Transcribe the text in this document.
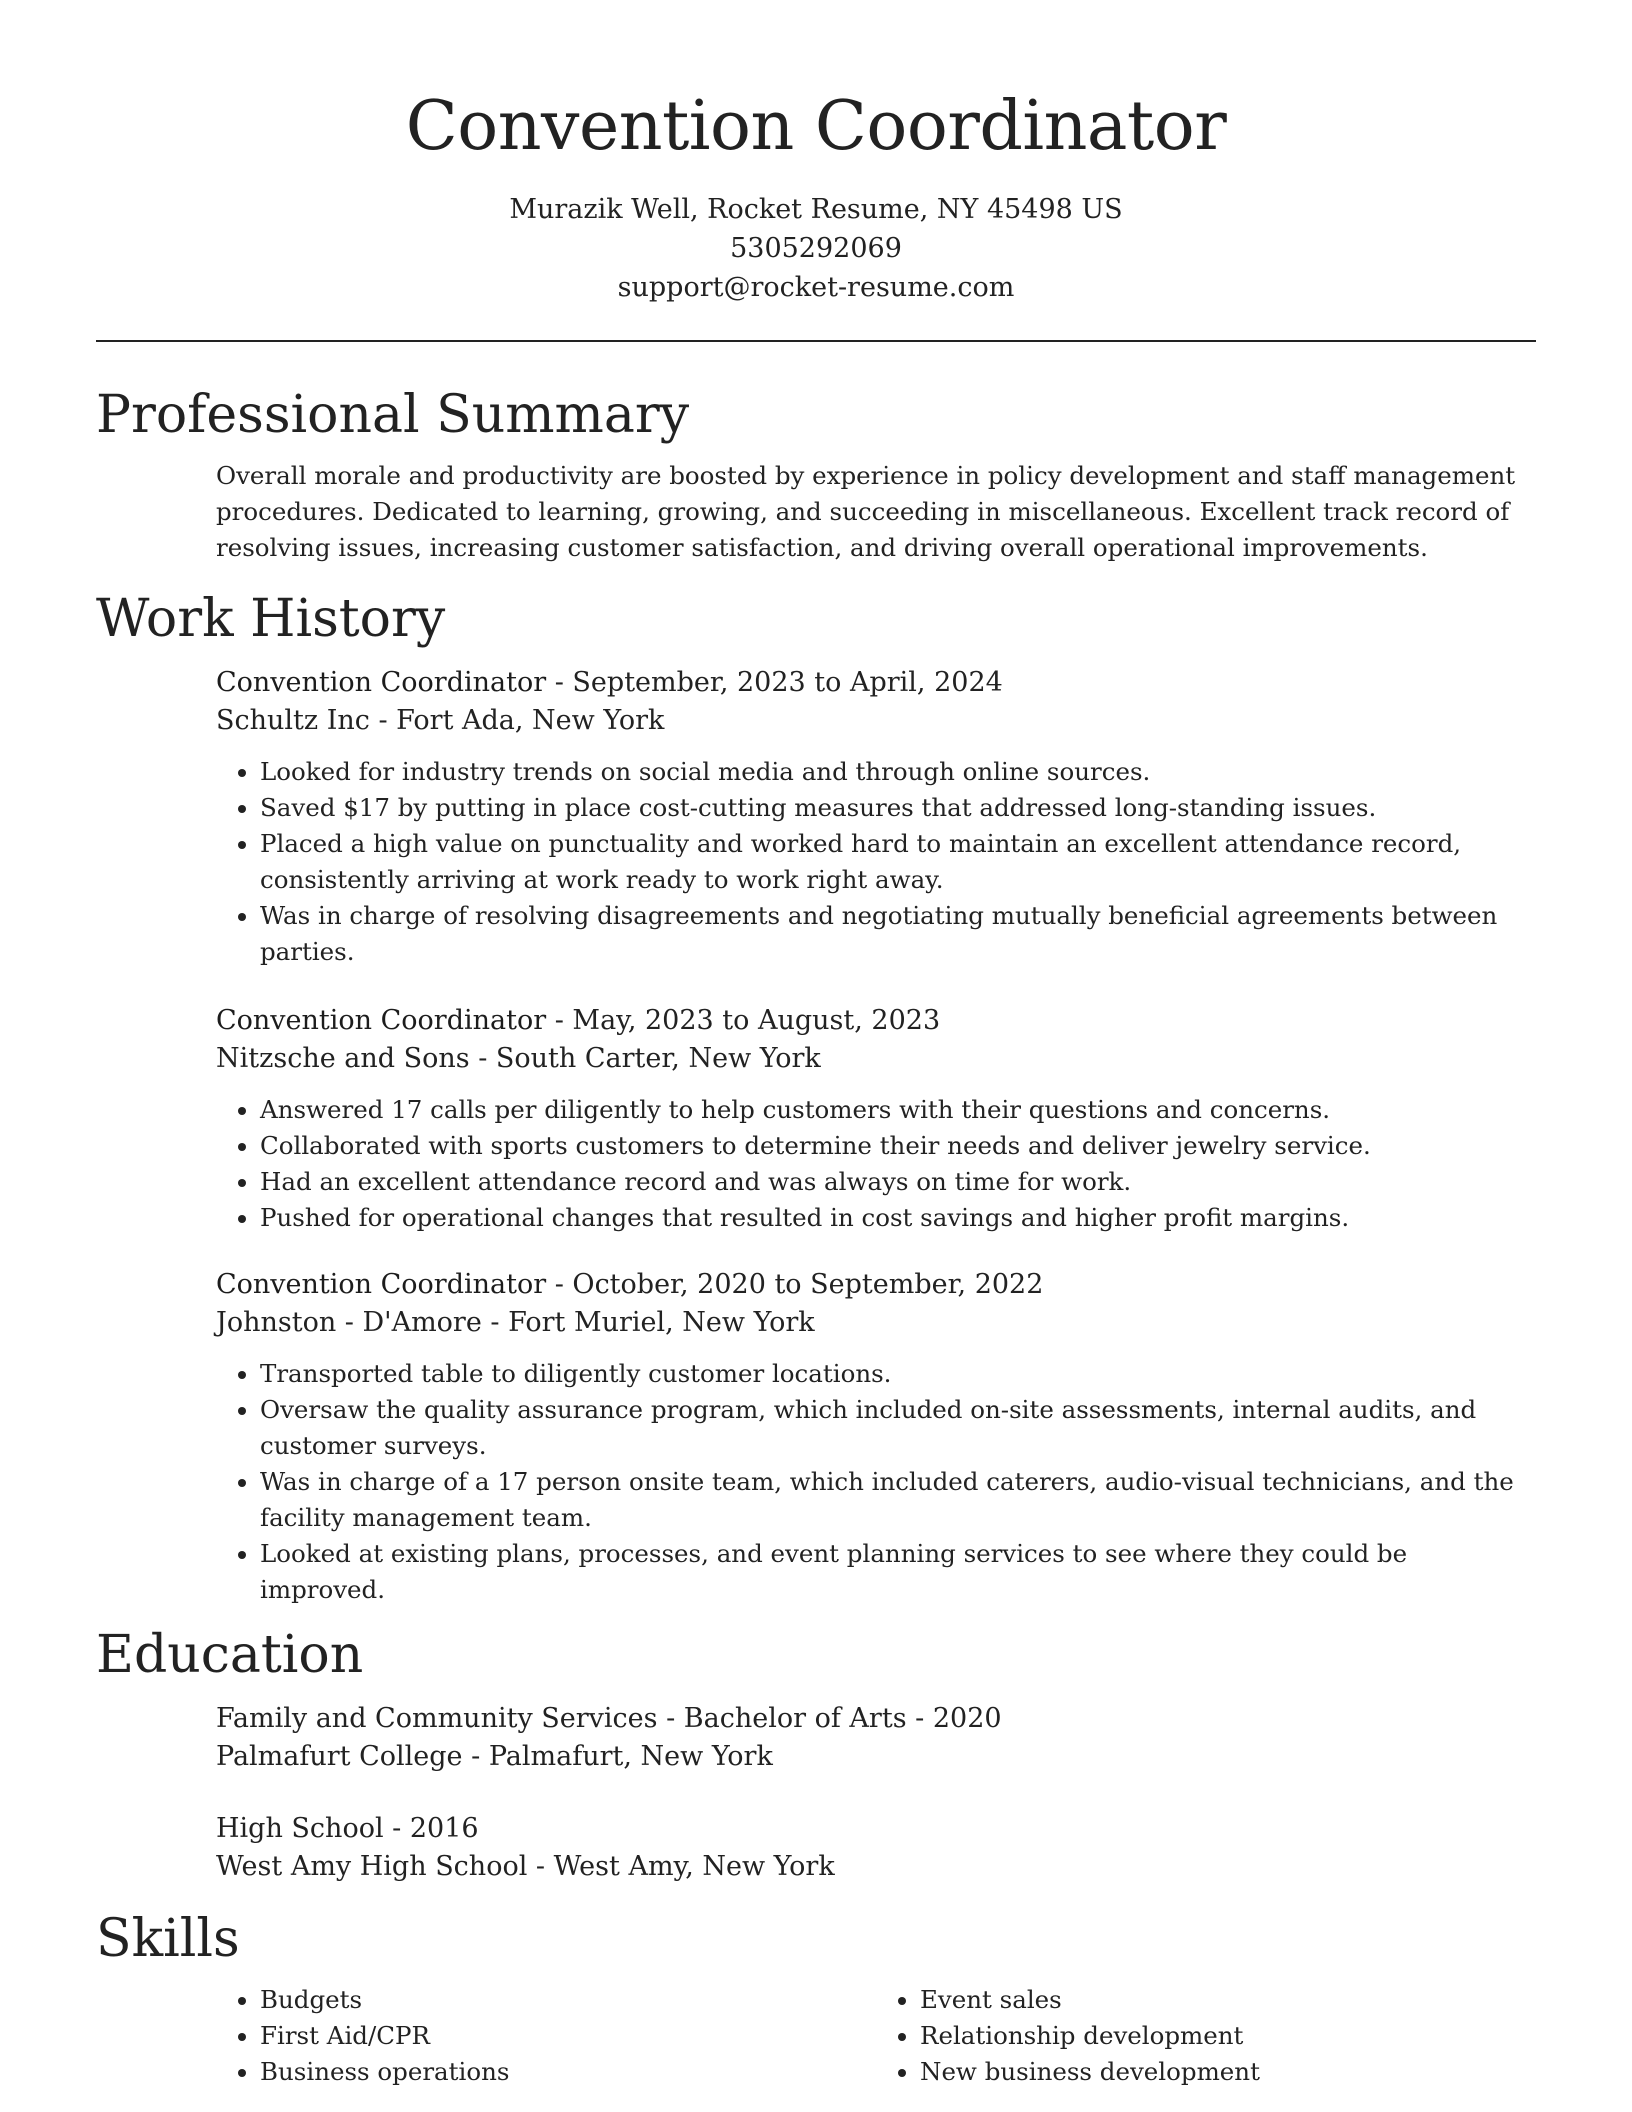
Convention Coordinator
Murazik Well, Rocket Resume, NY 45498 US
5305292069
support@rocket-resume.com
Professional Summary

Overall morale and productivity are boosted by experience in policy development and staff management procedures. Dedicated to learning, growing, and succeeding in miscellaneous. Excellent track record of resolving issues, increasing customer satisfaction, and driving overall operational improvements.

Work History

Convention Coordinator - September, 2023 to April, 2024

Schultz Inc - Fort Ada, New York

• Looked for industry trends on social media and through online sources.
• Saved $17 by putting in place cost-cutting measures that addressed long-standing issues.
• Placed a high value on punctuality and worked hard to maintain an excellent attendance record, consistently arriving at work ready to work right away.
• Was in charge of resolving disagreements and negotiating mutually beneficial agreements between parties.

Convention Coordinator - May, 2023 to August, 2023

Nitzsche and Sons - South Carter, New York

• Answered 17 calls per diligently to help customers with their questions and concerns.
• Collaborated with sports customers to determine their needs and deliver jewelry service.
• Had an excellent attendance record and was always on time for work.
• Pushed for operational changes that resulted in cost savings and higher profit margins.

Convention Coordinator - October, 2020 to September, 2022

Johnston - D'Amore - Fort Muriel, New York

• Transported table to diligently customer locations.
• Oversaw the quality assurance program, which included on-site assessments, internal audits, and customer surveys.
• Was in charge of a 17 person onsite team, which included caterers, audio-visual technicians, and the facility management team.
• Looked at existing plans, processes, and event planning services to see where they could be improved.
Education

Family and Community Services - Bachelor of Arts - 2020

Palmafurt College - Palmafurt, New York

High School - 2016

West Amy High School - West Amy, New York

Skills
• Budgets
• First Aid/CPR
• Business operations
• Event sales
• Relationship development
• New business development
